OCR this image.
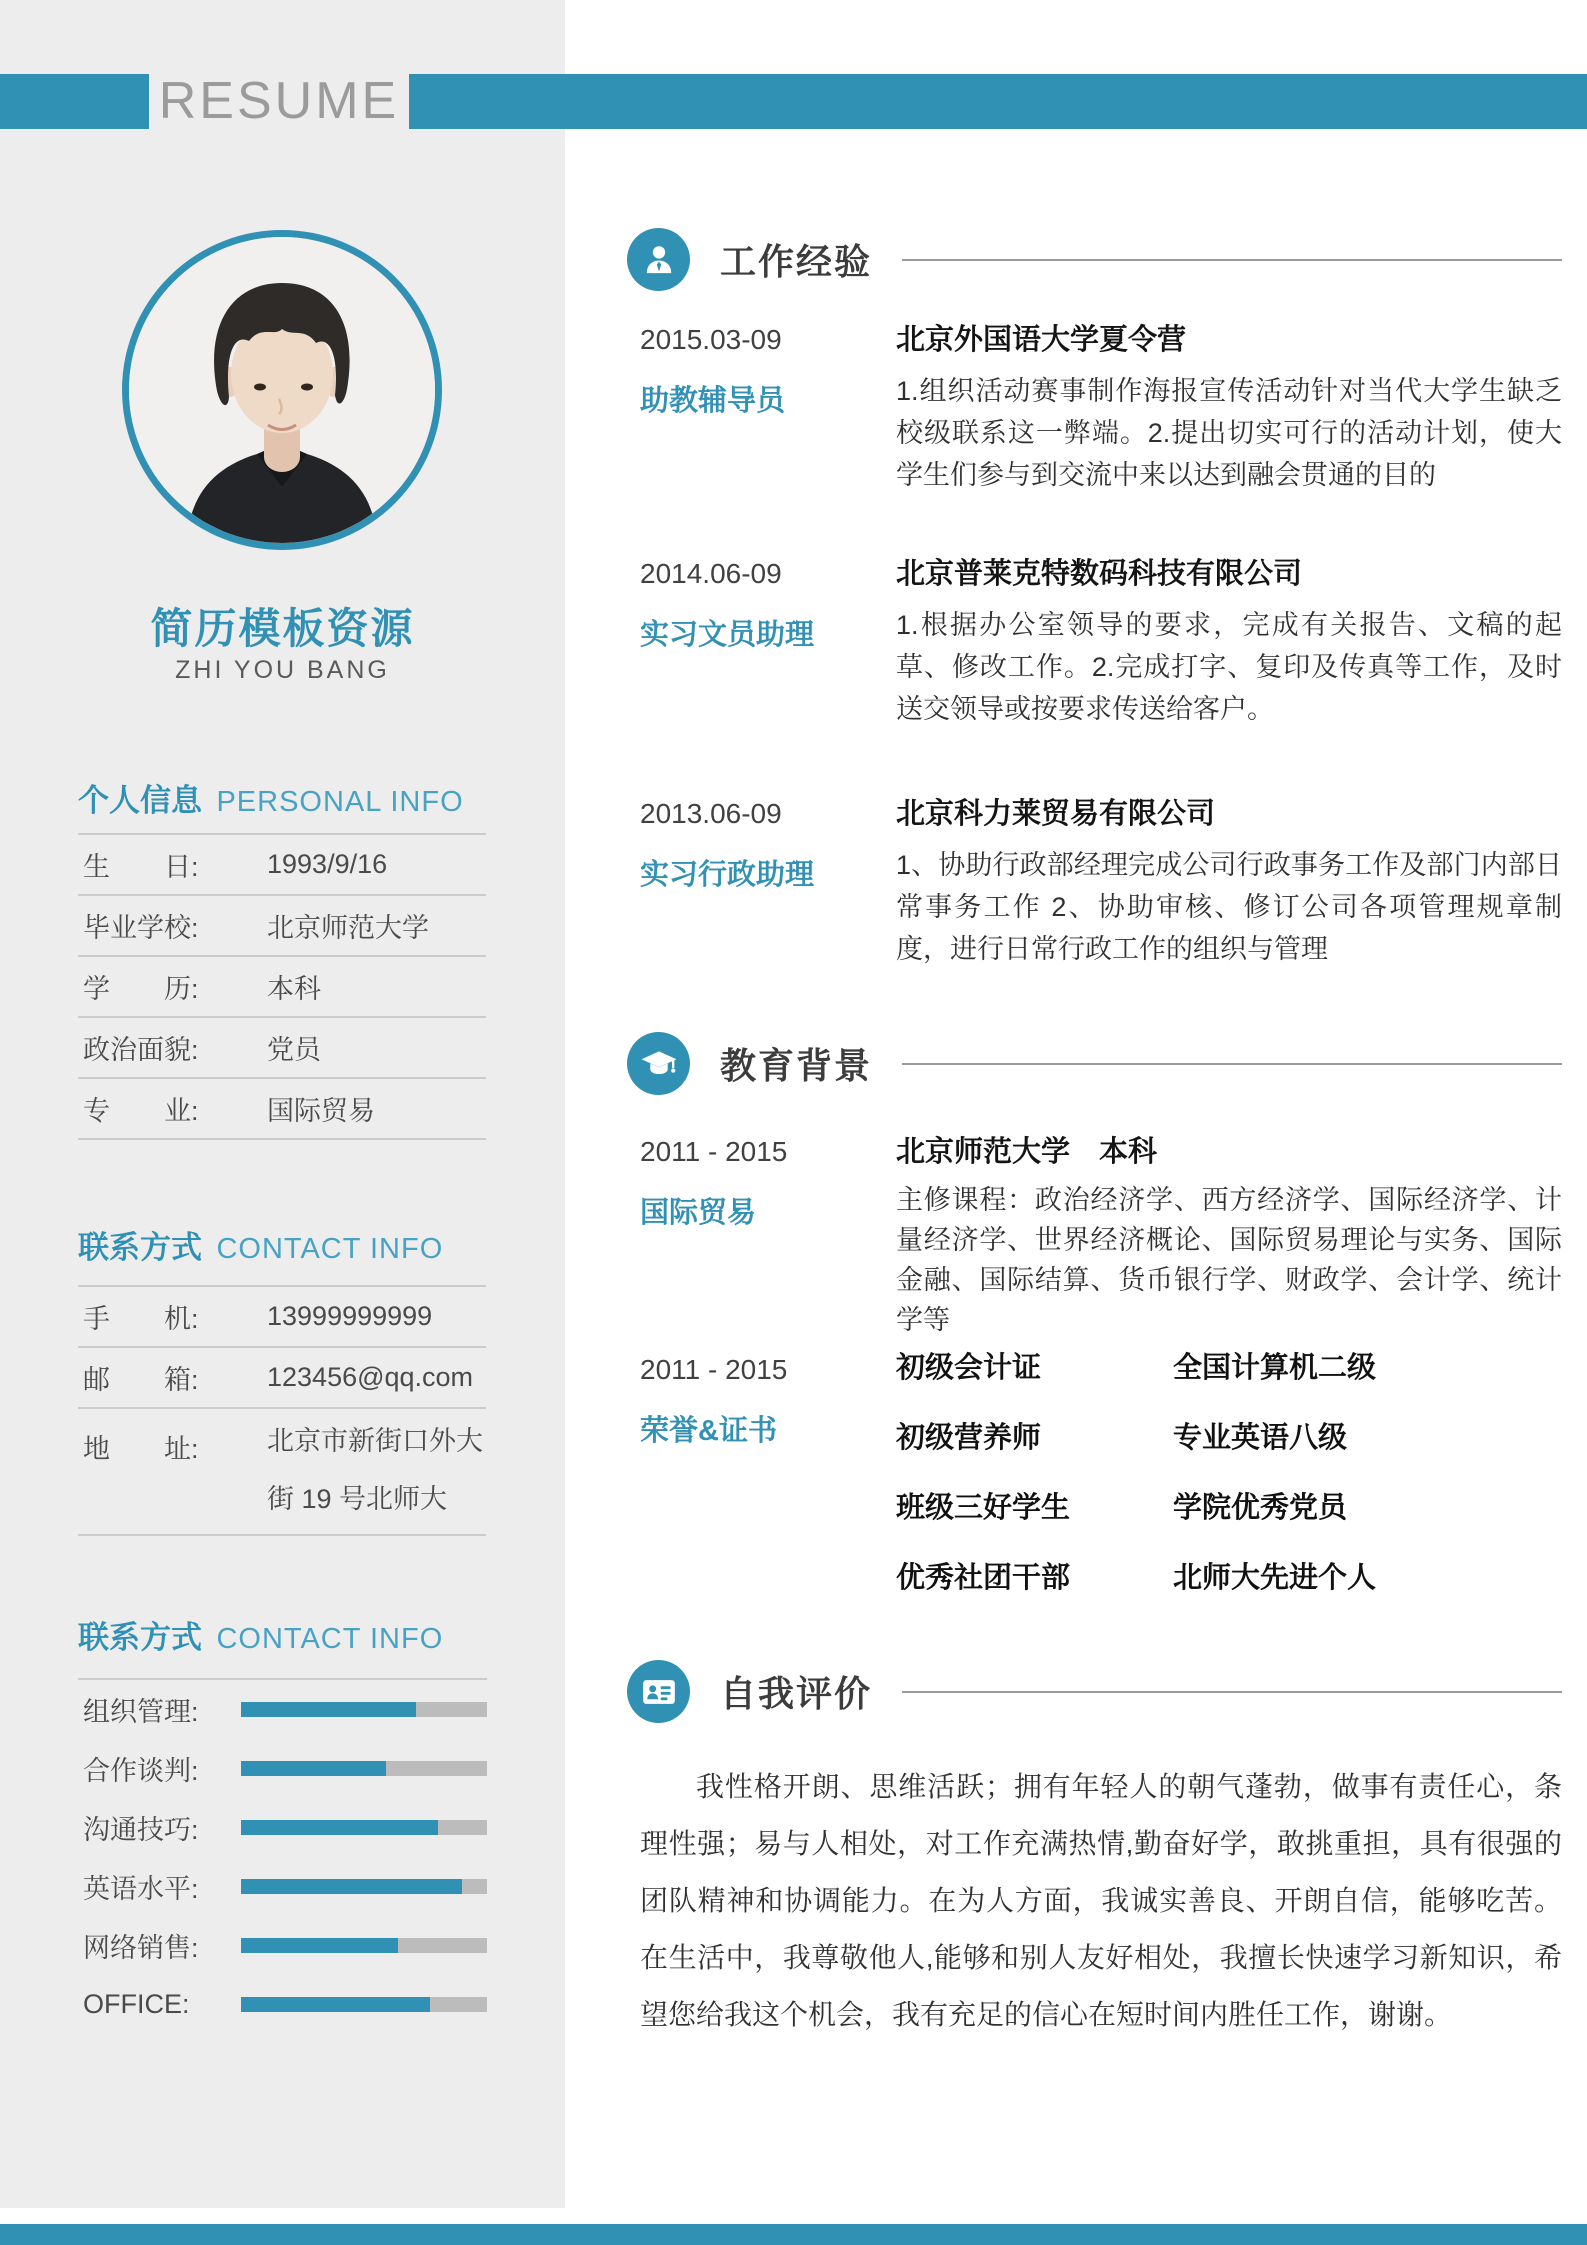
RESUME
简历模板资源
ZHI YOU BANG
个人信息 PERSONAL INFO
生　　日:	1993/9/16
毕业学校:	北京师范大学
学　　历:	本科
政治面貌:	党员
专　　业:	国际贸易
联系方式 CONTACT INFO
手　　机:	13999999999
邮　　箱:	123456@qq.com
地　　址:	北京市新街口外大街 19 号北师大
联系方式 CONTACT INFO
组织管理:
合作谈判:
沟通技巧:
英语水平:
网络销售:
OFFICE:
工作经验
2015.03-09
助教辅导员
北京外国语大学夏令营
1.组织活动赛事制作海报宣传活动针对当代大学生缺乏校级联系这一弊端。2.提出切实可行的活动计划，使大学生们参与到交流中来以达到融会贯通的目的
2014.06-09
实习文员助理
北京普莱克特数码科技有限公司
1.根据办公室领导的要求，完成有关报告、文稿的起草、修改工作。2.完成打字、复印及传真等工作，及时送交领导或按要求传送给客户。
2013.06-09
实习行政助理
北京科力莱贸易有限公司
1、协助行政部经理完成公司行政事务工作及部门内部日常事务工作 2、协助审核、修订公司各项管理规章制度，进行日常行政工作的组织与管理
教育背景
2011 - 2015
国际贸易
北京师范大学　本科
主修课程：政治经济学、西方经济学、国际经济学、计量经济学、世界经济概论、国际贸易理论与实务、国际金融、国际结算、货币银行学、财政学、会计学、统计学等
2011 - 2015
荣誉&证书
初级会计证	全国计算机二级
初级营养师	专业英语八级
班级三好学生	学院优秀党员
优秀社团干部	北师大先进个人
自我评价
我性格开朗、思维活跃；拥有年轻人的朝气蓬勃，做事有责任心，条理性强；易与人相处，对工作充满热情,勤奋好学，敢挑重担，具有很强的团队精神和协调能力。在为人方面，我诚实善良、开朗自信，能够吃苦。在生活中，我尊敬他人,能够和别人友好相处，我擅长快速学习新知识，希望您给我这个机会，我有充足的信心在短时间内胜任工作，谢谢。
